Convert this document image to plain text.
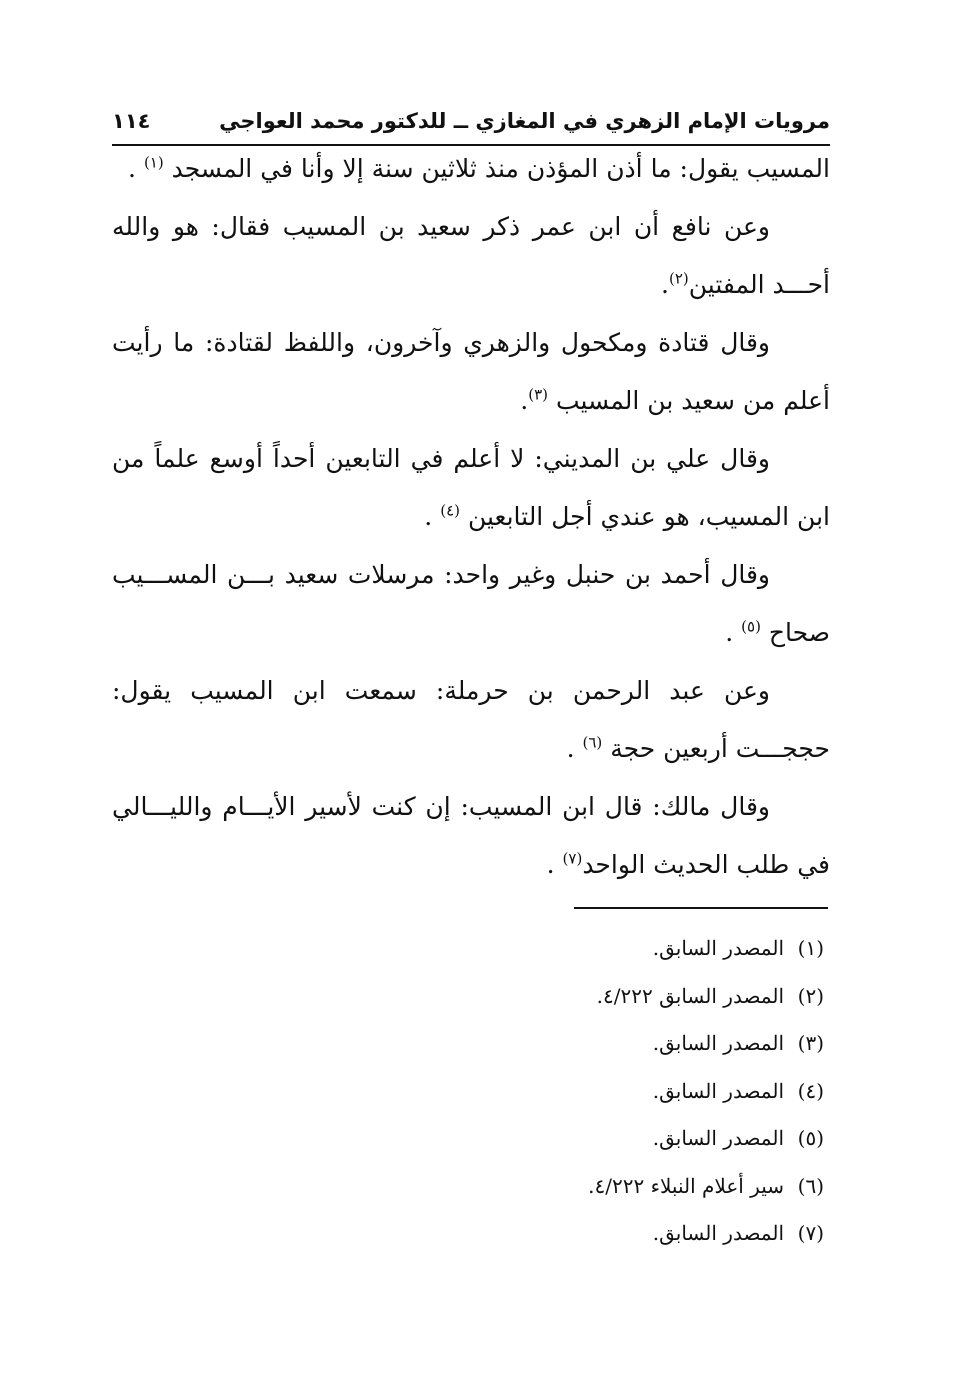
مرويات الإمام الزهري في المغازي ــ للدكتور محمد العواجي
١١٤

المسيب يقول: ما أذن المؤذن منذ ثلاثين سنة إلا وأنا في المسجد $^{(١)}$ .

وعن نافع أن ابن عمر ذكر سعيد بن المسيب فقال: هو والله أحـــد المفتين$^{(٢)}$.

وقال قتادة ومكحول والزهري وآخرون، واللفظ لقتادة: ما رأيت أعلم من سعيد بن المسيب $^{(٣)}$.

وقال علي بن المديني: لا أعلم في التابعين أحداً أوسع علماً من ابن المسيب، هو عندي أجل التابعين $^{(٤)}$ .

وقال أحمد بن حنبل وغير واحد: مرسلات سعيد بـــن المســـيب صحاح $^{(٥)}$ .

وعن عبد الرحمن بن حرملة: سمعت ابن المسيب يقول: حججـــت أربعين حجة $^{(٦)}$ .

وقال مالك: قال ابن المسيب: إن كنت لأسير الأيـــام والليـــالي في طلب الحديث الواحد$^{(٧)}$ .

(١)المصدر السابق.
(٢)المصدر السابق ٤/٢٢٢.
(٣)المصدر السابق.
(٤)المصدر السابق.
(٥)المصدر السابق.
(٦)سير أعلام النبلاء ٤/٢٢٢.
(٧)المصدر السابق.
